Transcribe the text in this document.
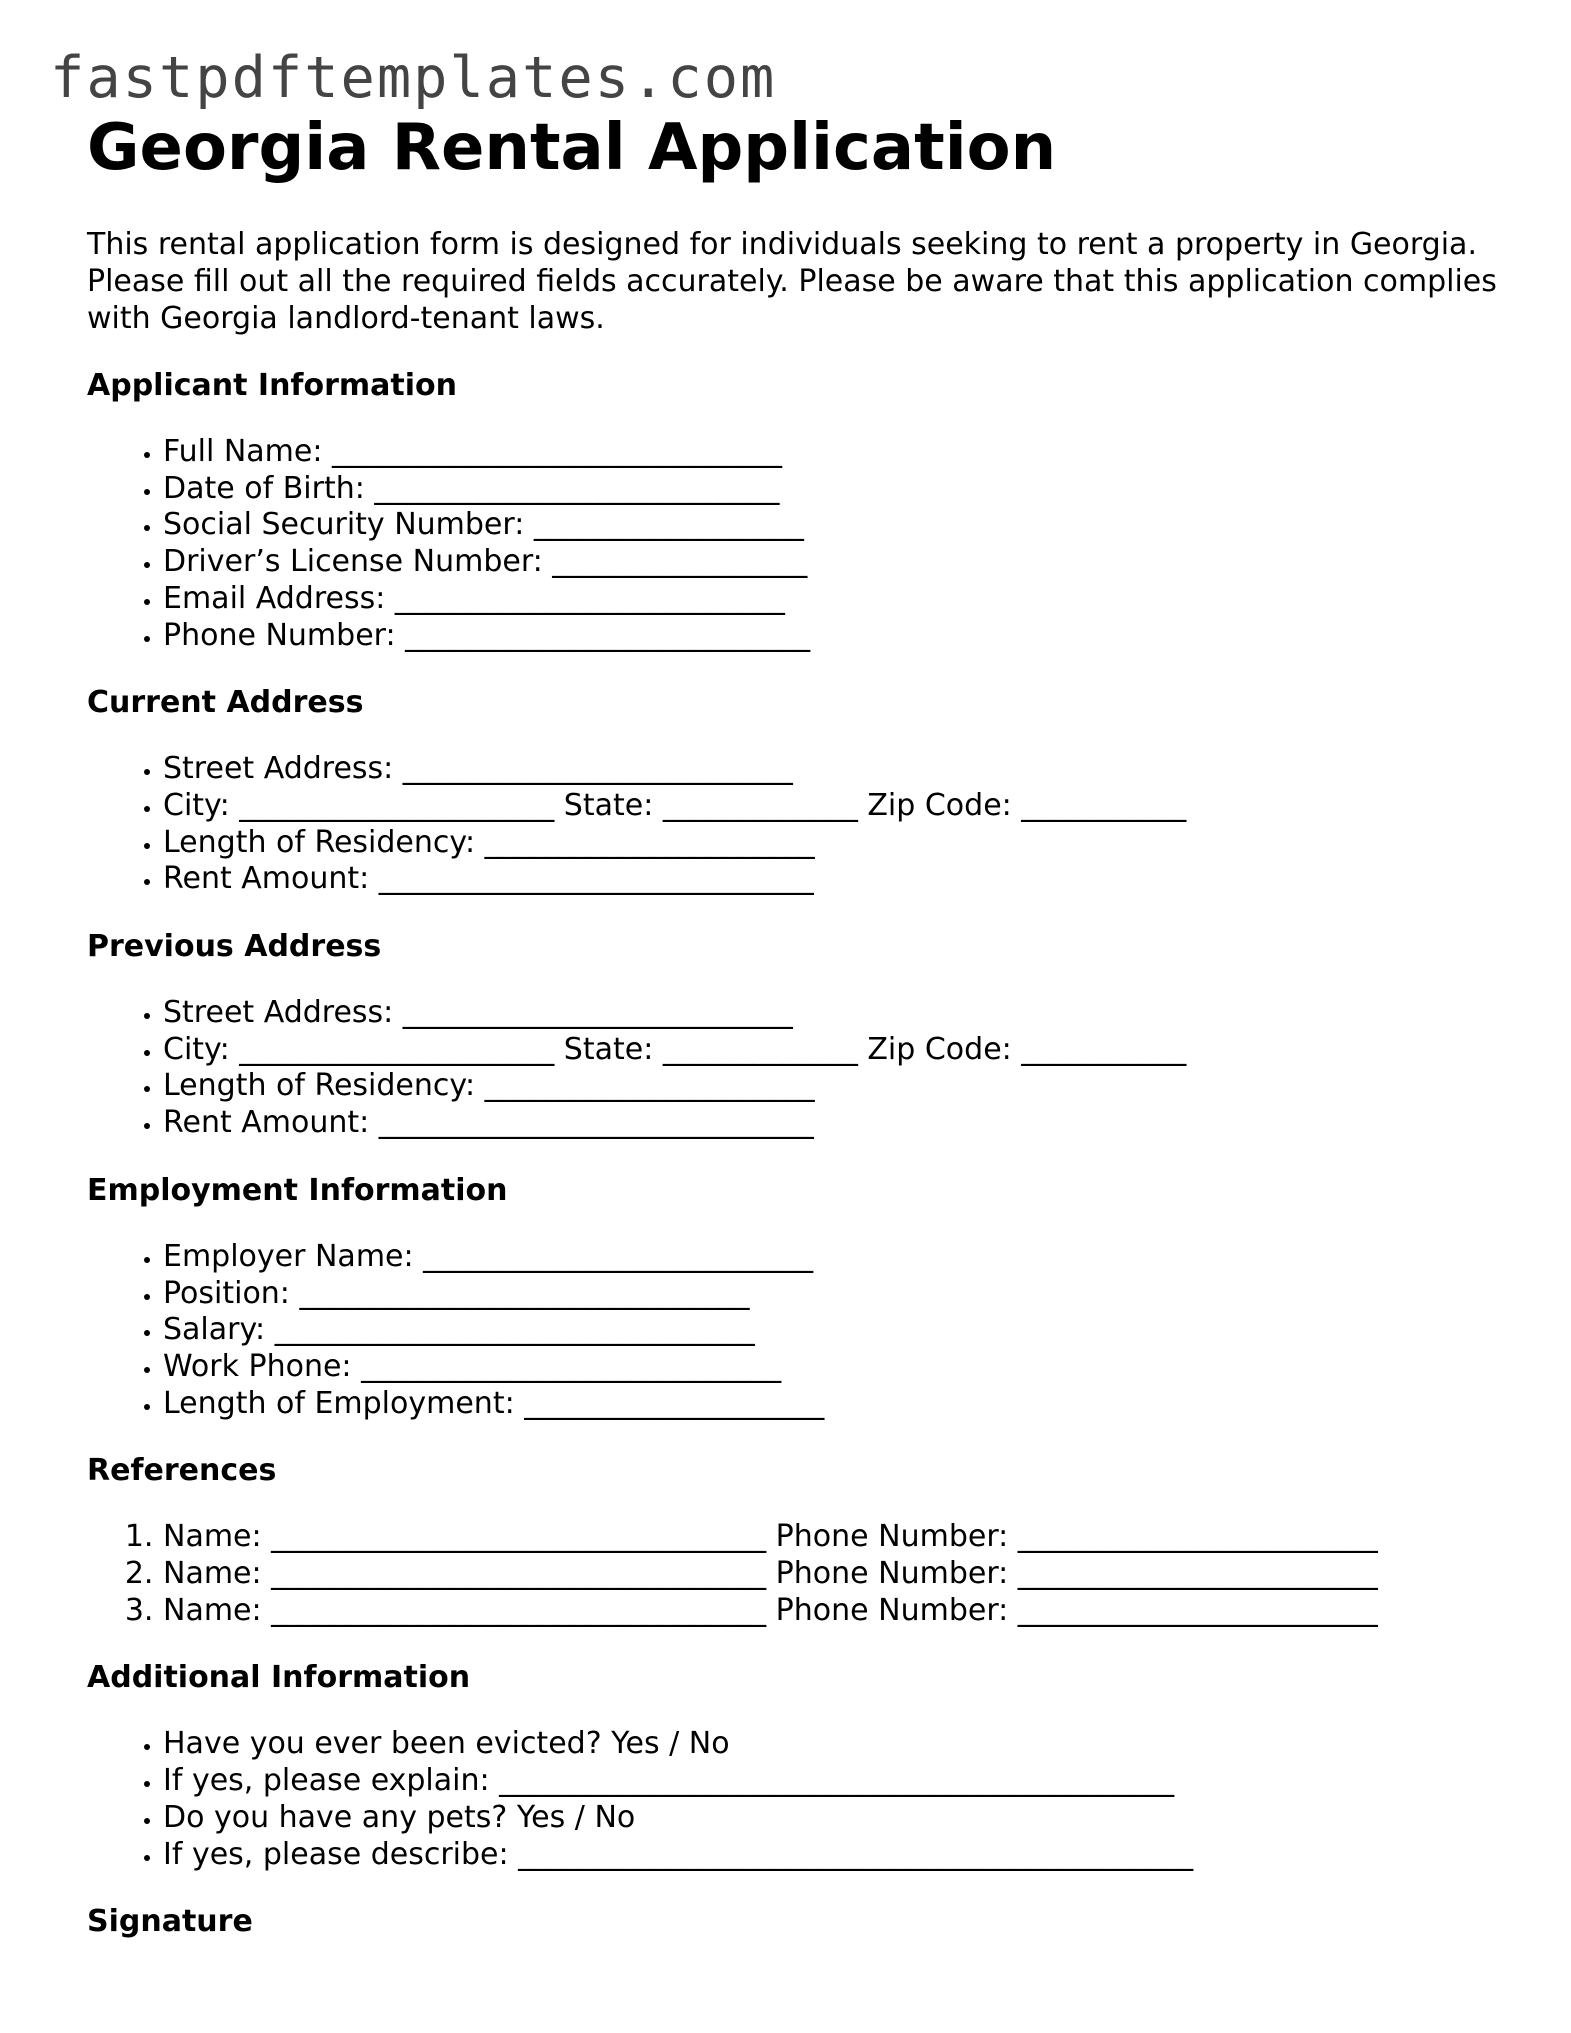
fastpdftemplates.com
Georgia Rental Application

This rental application form is designed for individuals seeking to rent a property in Georgia. Please fill out all the required fields accurately. Please be aware that this application complies with Georgia landlord-tenant laws.

Applicant Information
• Full Name: ______________________________
• Date of Birth: ___________________________
• Social Security Number: __________________
• Driver’s License Number: _________________
• Email Address: __________________________
• Phone Number: ___________________________
Current Address
• Street Address: __________________________
• City: _____________________ State: _____________ Zip Code: ___________
• Length of Residency: ______________________
• Rent Amount: _____________________________
Previous Address
• Street Address: __________________________
• City: _____________________ State: _____________ Zip Code: ___________
• Length of Residency: ______________________
• Rent Amount: _____________________________
Employment Information
• Employer Name: __________________________
• Position: ______________________________
• Salary: ________________________________
• Work Phone: ____________________________
• Length of Employment: ____________________
References
1. Name: _________________________________ Phone Number: ________________________
2. Name: _________________________________ Phone Number: ________________________
3. Name: _________________________________ Phone Number: ________________________
Additional Information
• Have you ever been evicted? Yes / No
• If yes, please explain: _____________________________________________
• Do you have any pets? Yes / No
• If yes, please describe: _____________________________________________
Signature
